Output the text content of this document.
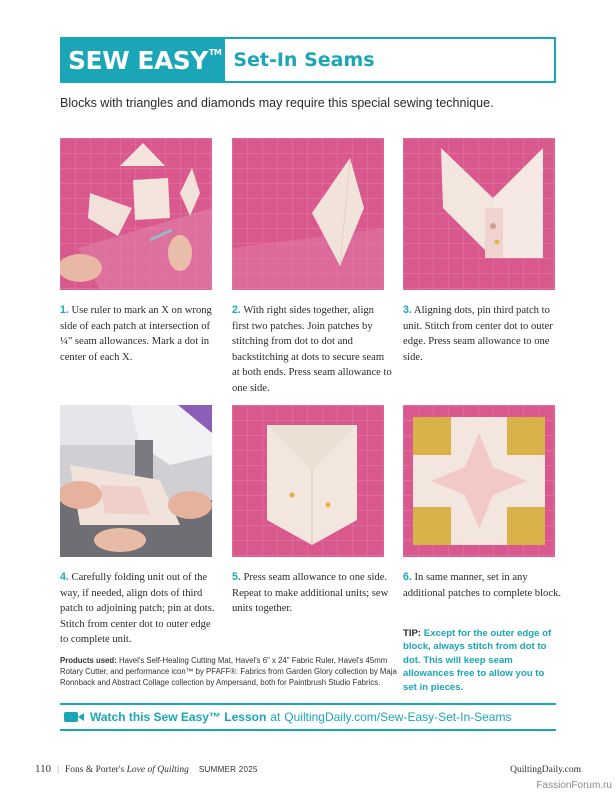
SEW EASY™ Set-In Seams
Blocks with triangles and diamonds may require this special sewing technique.
1. Use ruler to mark an X on wrong side of each patch at intersection of ¼" seam allowances. Mark a dot in center of each X.
2. With right sides together, align first two patches. Join patches by stitching from dot to dot and backstitching at dots to secure seam at both ends. Press seam allowance to one side.
3. Aligning dots, pin third patch to unit. Stitch from center dot to outer edge. Press seam allowance to one side.
4. Carefully folding unit out of the way, if needed, align dots of third patch to adjoining patch; pin at dots. Stitch from center dot to outer edge to complete unit.
5. Press seam allowance to one side. Repeat to make additional units; sew units together.
6. In same manner, set in any additional patches to complete block.
TIP: Except for the outer edge of block, always stitch from dot to dot. This will keep seam allowances free to allow you to set in pieces.
Products used: Havel's Self-Healing Cutting Mat, Havel's 6" x 24" Fabric Ruler, Havel's 45mm Rotary Cutter, and performance icon™ by PFAFF®. Fabrics from Garden Glory collection by Maja Ronnback and Abstract Collage collection by Ampersand, both for Paintbrush Studio Fabrics.
Watch this Sew Easy™ Lesson at QuiltingDaily.com/Sew-Easy-Set-In-Seams
110 | Fons & Porter's Love of Quilting SUMMER 2025	QuiltingDaily.com
FassionForum.ru
